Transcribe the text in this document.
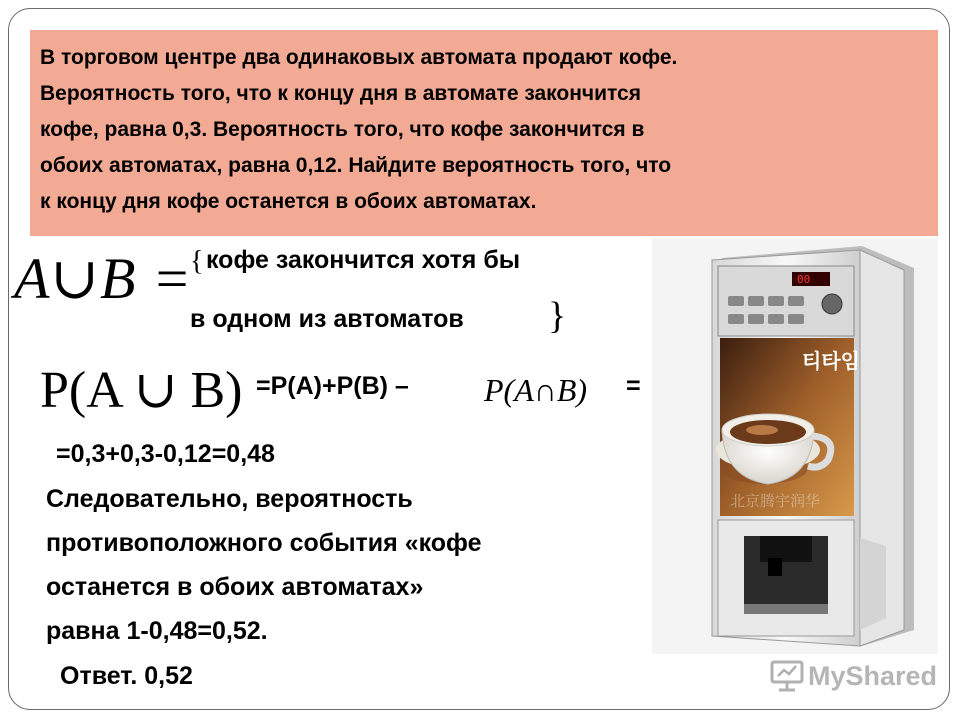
В торговом центре два одинаковых автомата продают кофе.
Вероятность того, что к концу дня в автомате закончится
кофе, равна 0,3. Вероятность того, что кофе закончится в
обоих автоматах, равна 0,12. Найдите вероятность того, что
к концу дня кофе останется в обоих автоматах.
A∪B =
{ кофе закончится хотя бы
в одном из автоматов }
P(A ∪ B) =P(A)+P(B) – P(A∩B) =
=0,3+0,3-0,12=0,48
Следовательно, вероятность
противоположного события «кофе
останется в обоих автоматах»
равна 1-0,48=0,52.
Ответ. 0,52
00
티타임
北京腾宇润华
MyShared
